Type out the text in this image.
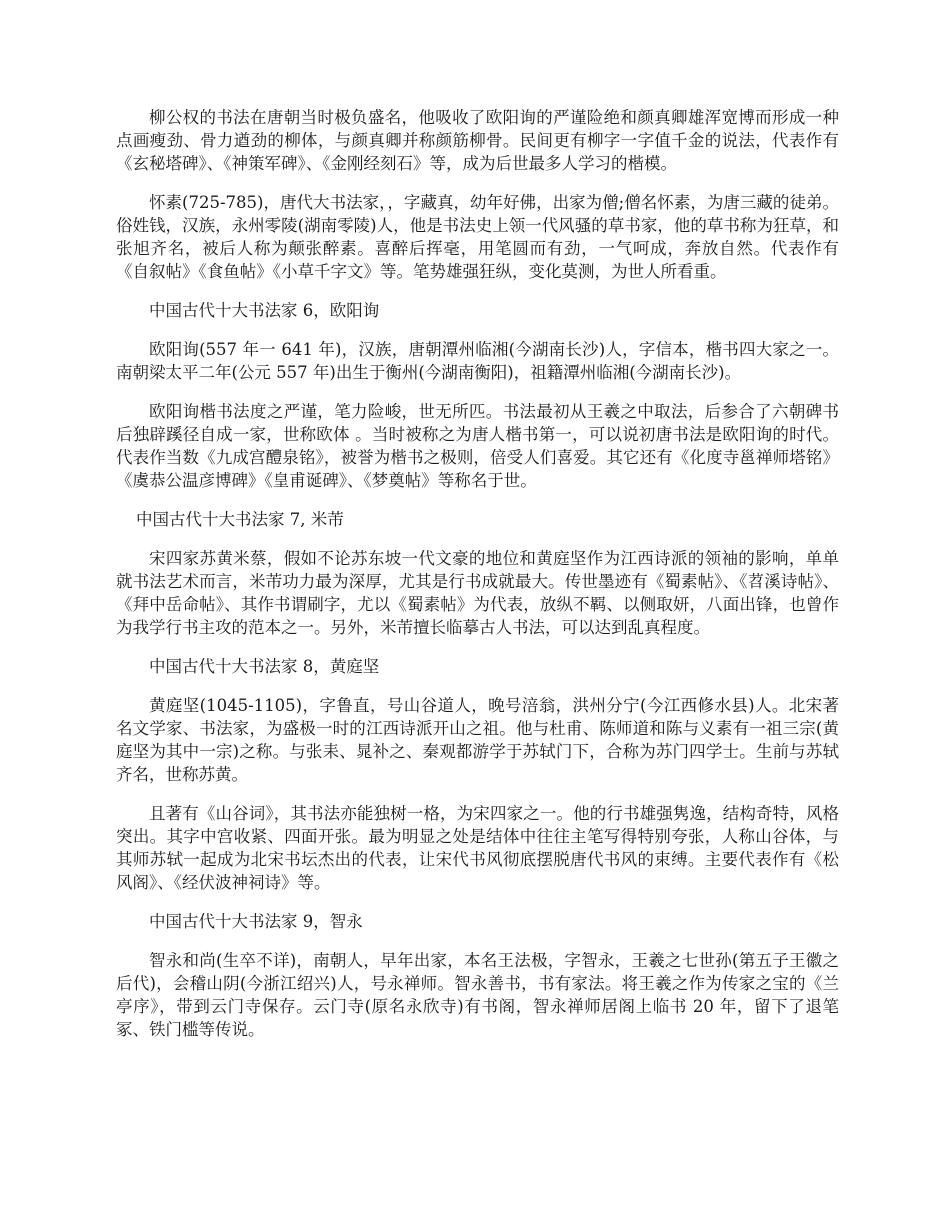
柳公权的书法在唐朝当时极负盛名，他吸收了欧阳询的严谨险绝和颜真卿雄浑宽博而形成一种点画瘦劲、骨力遒劲的柳体，与颜真卿并称颜筋柳骨。民间更有柳字一字值千金的说法，代表作有《玄秘塔碑》、《神策军碑》、《金刚经刻石》等，成为后世最多人学习的楷模。

怀素(725-785)，唐代大书法家，，字藏真，幼年好佛，出家为僧;僧名怀素，为唐三藏的徒弟。俗姓钱，汉族，永州零陵(湖南零陵)人，他是书法史上领一代风骚的草书家，他的草书称为狂草，和张旭齐名，被后人称为颠张醉素。喜醉后挥毫，用笔圆而有劲，一气呵成，奔放自然。代表作有《自叙帖》《食鱼帖》《小草千字文》等。笔势雄强狂纵，变化莫测，为世人所看重。

中国古代十大书法家 6，欧阳询

欧阳询(557 年一 641 年)，汉族，唐朝潭州临湘(今湖南长沙)人，字信本，楷书四大家之一。南朝梁太平二年(公元 557 年)出生于衡州(今湖南衡阳)，祖籍潭州临湘(今湖南长沙)。

欧阳询楷书法度之严谨，笔力险峻，世无所匹。书法最初从王羲之中取法，后参合了六朝碑书后独辟蹊径自成一家，世称欧体 。当时被称之为唐人楷书第一，可以说初唐书法是欧阳询的时代。代表作当数《九成宫醴泉铭》，被誉为楷书之极则，倍受人们喜爱。其它还有《化度寺邕禅师塔铭》《虞恭公温彦博碑》《皇甫诞碑》、《梦奠帖》等称名于世。

中国古代十大书法家 7, 米芾

宋四家苏黄米蔡，假如不论苏东坡一代文豪的地位和黄庭坚作为江西诗派的领袖的影响，单单就书法艺术而言，米芾功力最为深厚，尤其是行书成就最大。传世墨迹有《蜀素帖》、《苕溪诗帖》、《拜中岳命帖》、其作书谓刷字，尤以《蜀素帖》为代表，放纵不羁、以侧取妍，八面出锋，也曾作为我学行书主攻的范本之一。另外，米芾擅长临摹古人书法，可以达到乱真程度。

中国古代十大书法家 8，黄庭坚

黄庭坚(1045-1105)，字鲁直，号山谷道人，晚号涪翁，洪州分宁(今江西修水县)人。北宋著名文学家、书法家，为盛极一时的江西诗派开山之祖。他与杜甫、陈师道和陈与义素有一祖三宗(黄庭坚为其中一宗)之称。与张耒、晁补之、秦观都游学于苏轼门下，合称为苏门四学士。生前与苏轼齐名，世称苏黄。

且著有《山谷词》，其书法亦能独树一格，为宋四家之一。他的行书雄强隽逸，结构奇特，风格突出。其字中宫收紧、四面开张。最为明显之处是结体中往往主笔写得特别夸张，人称山谷体，与其师苏轼一起成为北宋书坛杰出的代表，让宋代书风彻底摆脱唐代书风的束缚。主要代表作有《松风阁》、《经伏波神祠诗》等。

中国古代十大书法家 9，智永

智永和尚(生卒不详)，南朝人，早年出家，本名王法极，字智永，王羲之七世孙(第五子王徽之后代)，会稽山阴(今浙江绍兴)人，号永禅师。智永善书，书有家法。将王羲之作为传家之宝的《兰亭序》，带到云门寺保存。云门寺(原名永欣寺)有书阁，智永禅师居阁上临书 20 年，留下了退笔冢、铁门槛等传说。
